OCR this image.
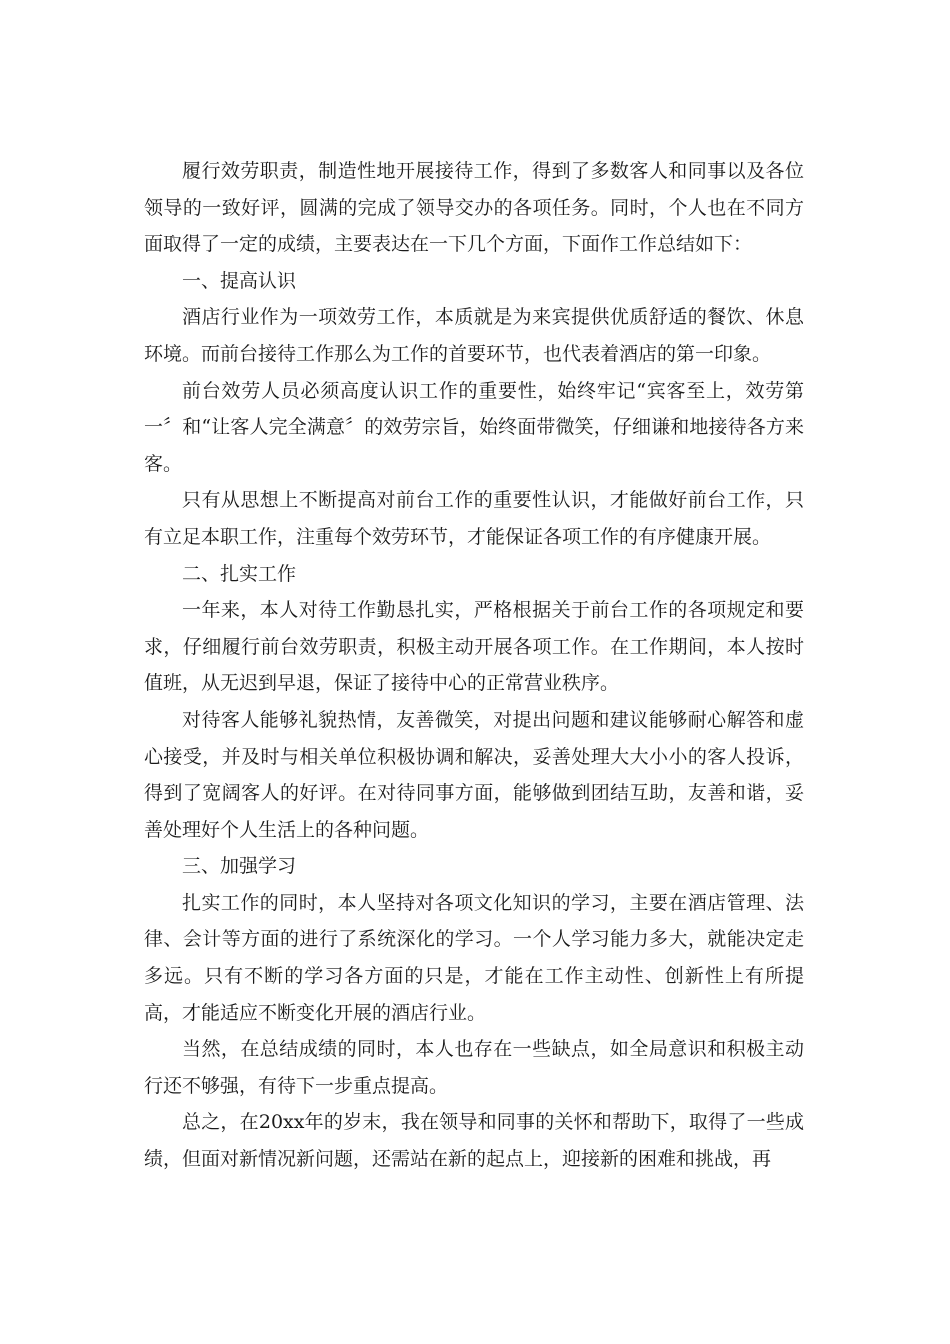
履行效劳职责，制造性地开展接待工作，得到了多数客人和同事以及各位领导的一致好评，圆满的完成了领导交办的各项任务。同时，个人也在不同方面取得了一定的成绩，主要表达在一下几个方面，下面作工作总结如下：

一、提高认识

酒店行业作为一项效劳工作，本质就是为来宾提供优质舒适的餐饮、休息环境。而前台接待工作那么为工作的首要环节，也代表着酒店的第一印象。

前台效劳人员必须高度认识工作的重要性，始终牢记“宾客至上，效劳第一〞和“让客人完全满意〞的效劳宗旨，始终面带微笑，仔细谦和地接待各方来客。

只有从思想上不断提高对前台工作的重要性认识，才能做好前台工作，只有立足本职工作，注重每个效劳环节，才能保证各项工作的有序健康开展。

二、扎实工作

一年来，本人对待工作勤恳扎实，严格根据关于前台工作的各项规定和要求，仔细履行前台效劳职责，积极主动开展各项工作。在工作期间，本人按时值班，从无迟到早退，保证了接待中心的正常营业秩序。

对待客人能够礼貌热情，友善微笑，对提出问题和建议能够耐心解答和虚心接受，并及时与相关单位积极协调和解决，妥善处理大大小小的客人投诉，得到了宽阔客人的好评。在对待同事方面，能够做到团结互助，友善和谐，妥善处理好个人生活上的各种问题。

三、加强学习

扎实工作的同时，本人坚持对各项文化知识的学习，主要在酒店管理、法律、会计等方面的进行了系统深化的学习。一个人学习能力多大，就能决定走多远。只有不断的学习各方面的只是，才能在工作主动性、创新性上有所提高，才能适应不断变化开展的酒店行业。

当然，在总结成绩的同时，本人也存在一些缺点，如全局意识和积极主动行还不够强，有待下一步重点提高。

总之，在20xx年的岁末，我在领导和同事的关怀和帮助下，取得了一些成绩，但面对新情况新问题，还需站在新的起点上，迎接新的困难和挑战，再
